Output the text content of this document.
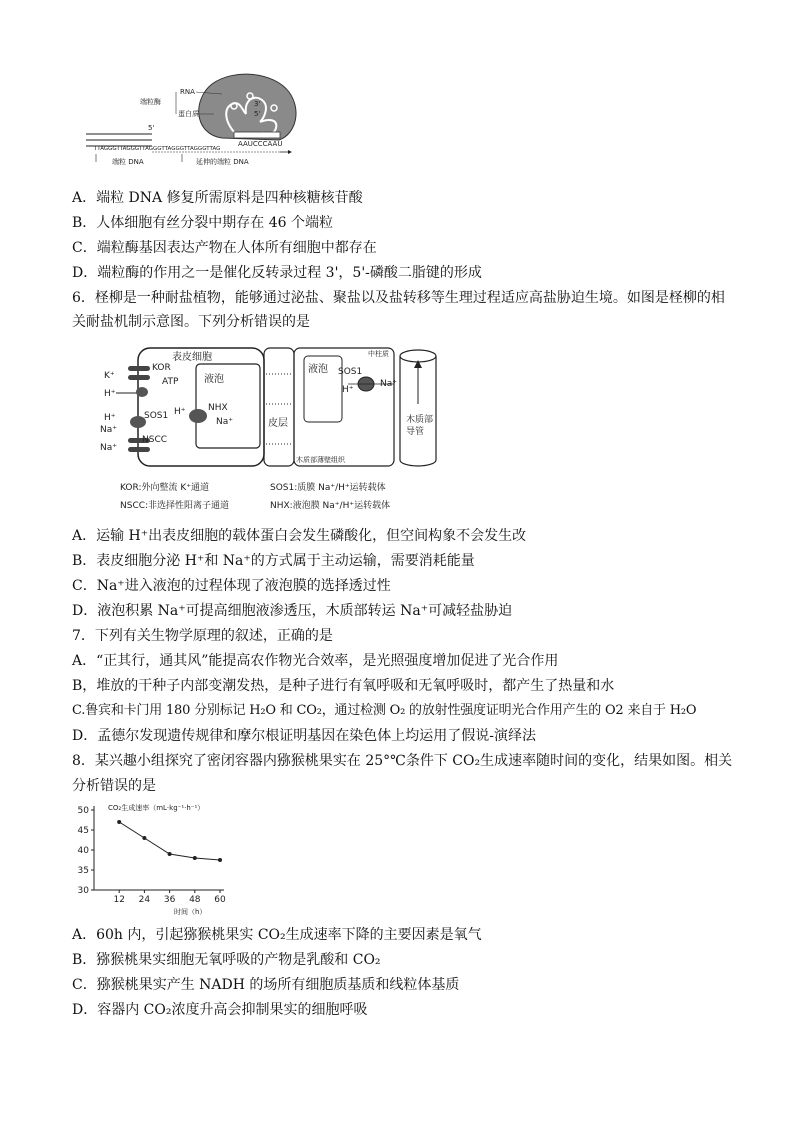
RNA
端粒酶
蛋白质
3'
5'
AAUCCCAAU
5'
TTAGGGTTAGGGTTAGGGTTAGGGTTAGGGTTAG
端粒 DNA	延伸的端粒 DNA
A．端粒 DNA 修复所需原料是四种核糖核苷酸
B．人体细胞有丝分裂中期存在 46 个端粒
C．端粒酶基因表达产物在人体所有细胞中都存在
D．端粒酶的作用之一是催化反转录过程 3'，5'-磷酸二脂键的形成
6．柽柳是一种耐盐植物，能够通过泌盐、聚盐以及盐转移等生理过程适应高盐胁迫生境。如图是柽柳的相
关耐盐机制示意图。下列分析错误的是
表皮细胞
液泡
皮层
液泡
木质部薄壁组织
木质部
导管
中柱质
SOS1
H⁺
Na⁺
K⁺
KOR
ATP
H⁺
H⁺	SOS1
Na⁺
NSCC
Na⁺
H⁺ NHX
Na⁺
KOR:外向整流 K⁺通道	SOS1:质膜 Na⁺/H⁺运转载体
NSCC:非选择性阳离子通道	NHX:液泡膜 Na⁺/H⁺运转载体
A．运输 H⁺出表皮细胞的载体蛋白会发生磷酸化，但空间构象不会发生改
B．表皮细胞分泌 H⁺和 Na⁺的方式属于主动运输，需要消耗能量
C．Na⁺进入液泡的过程体现了液泡膜的选择透过性
D．液泡积累 Na⁺可提高细胞液渗透压，木质部转运 Na⁺可减轻盐胁迫
7．下列有关生物学原理的叙述，正确的是
A．“正其行，通其风”能提高农作物光合效率，是光照强度增加促进了光合作用
B，堆放的干种子内部变潮发热，是种子进行有氧呼吸和无氧呼吸时，都产生了热量和水
C.鲁宾和卡门用 180 分别标记 H₂O 和 CO₂，通过检测 O₂ 的放射性强度证明光合作用产生的 O2 来自于 H₂O
D．孟德尔发现遗传规律和摩尔根证明基因在染色体上均运用了假说-演绎法
8．某兴趣小组探究了密闭容器内猕猴桃果实在 25°℃条件下 CO₂生成速率随时间的变化，结果如图。相关
分析错误的是
CO₂生成速率（mL·kg⁻¹·h⁻¹）
时间（h）
30
35
40
45
50
12 24 36 48 60
A．60h 内，引起猕猴桃果实 CO₂生成速率下降的主要因素是氧气
B．猕猴桃果实细胞无氧呼吸的产物是乳酸和 CO₂
C．猕猴桃果实产生 NADH 的场所有细胞质基质和线粒体基质
D．容器内 CO₂浓度升高会抑制果实的细胞呼吸
